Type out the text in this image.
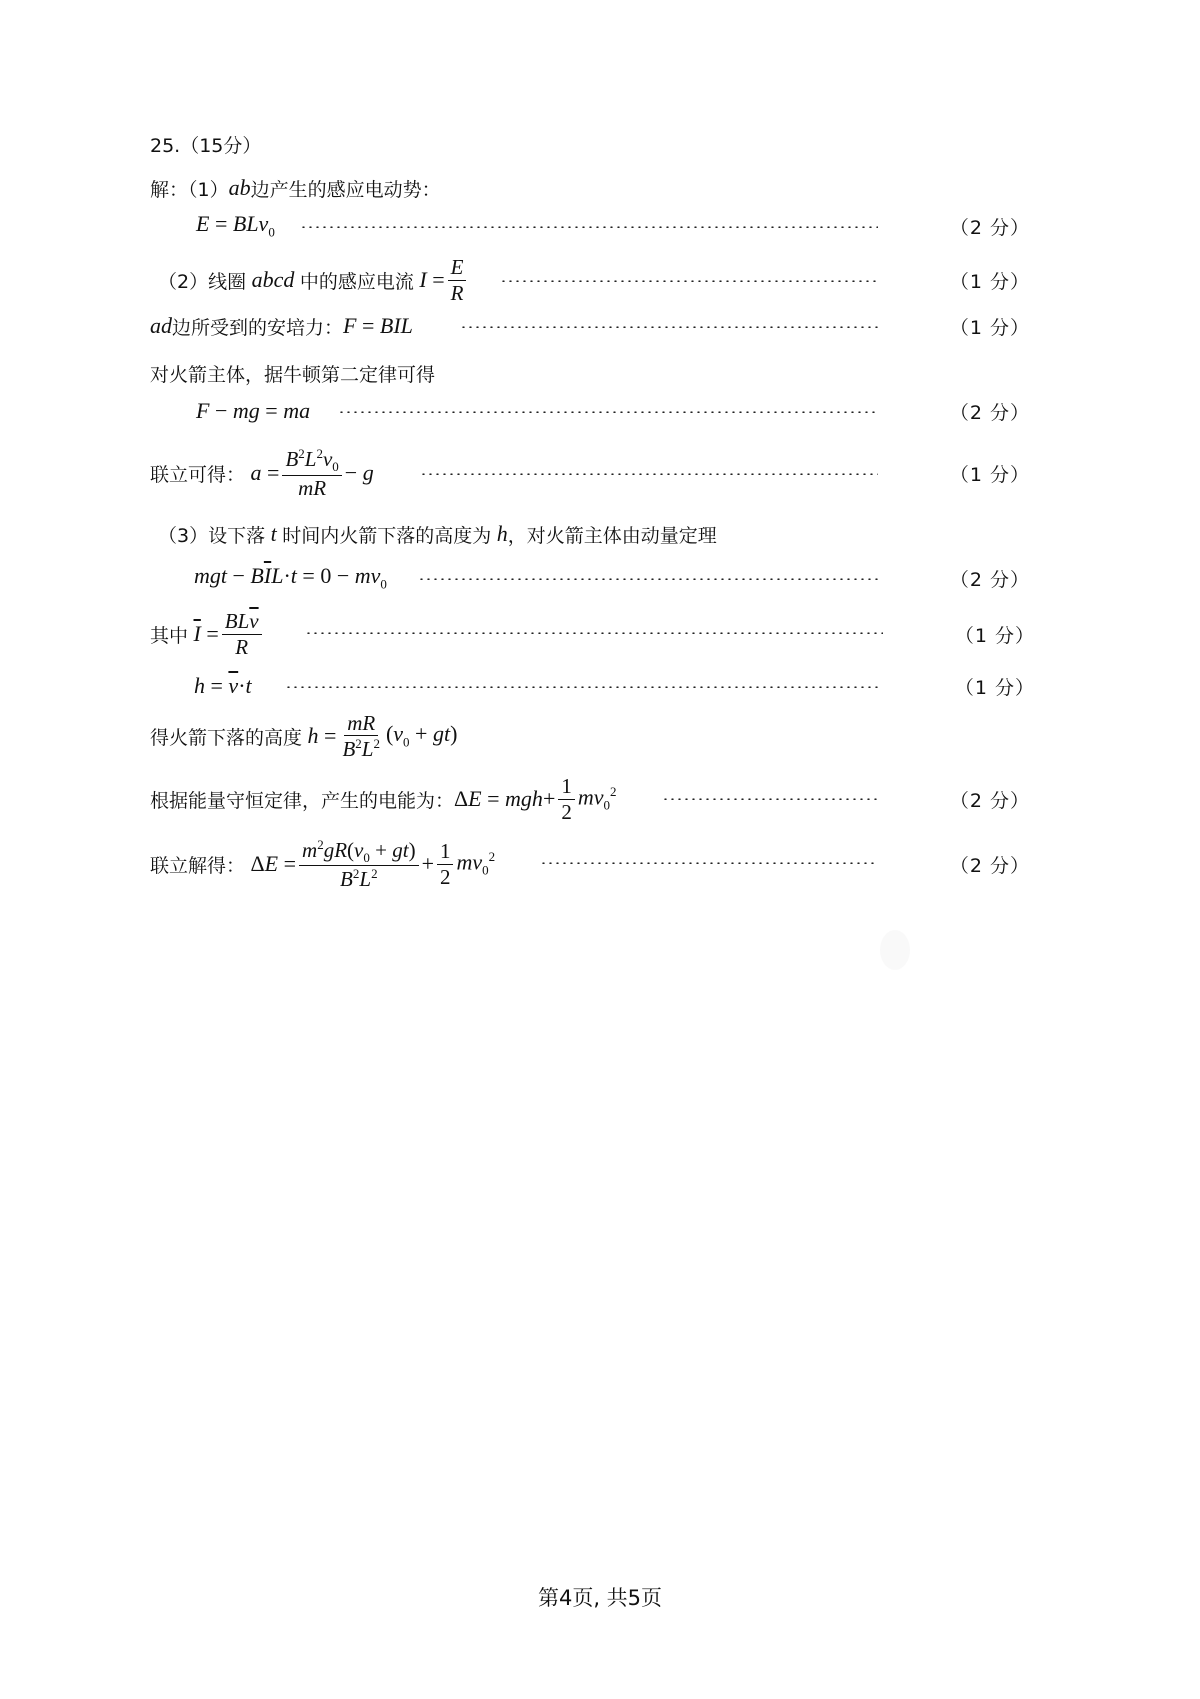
25.（15分）
解：（1） ab 边产生的感应电动势：
E = BLv$_0$	（2 分）
（2）线圈 abcd 中的感应电流 $I = \frac{E}{R}$	（1 分）
ad 边所受到的安培力： F = BIL	（1 分）
对火箭主体，据牛顿第二定律可得
F − mg = ma	（2 分）
联立可得： $a = \frac{B^2L^2v_0}{mR} - g$	（1 分）
（3）设下落 t 时间内火箭下落的高度为 h ，对火箭主体由动量定理
mgt − $B\overline{I}L\cdot t = 0 - mv_0$	（2 分）
其中 $\overline{I} = \frac{BL\overline{v}}{R}$	（1 分）
$h = \overline{v}\cdot t$	（1 分）
得火箭下落的高度 $h = \frac{mR}{B^2L^2} (v_0 + gt)$
根据能量守恒定律，产生的电能为： $\Delta E = mgh+ \frac{1}{2} mv_0^2$	（2 分）
联立解得： $\Delta E = \frac{m^2gR(v_0 + gt)}{B^2L^2} + \frac{1}{2} mv_0^2$	（2 分）
第4页, 共5页
